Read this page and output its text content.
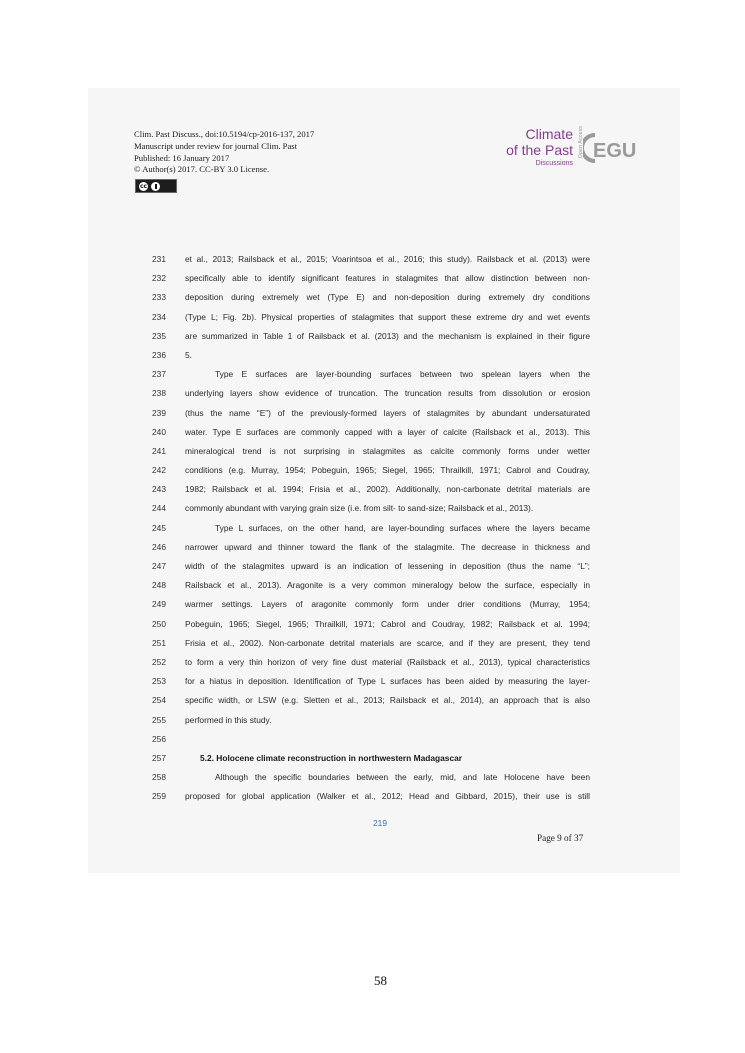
Clim. Past Discuss., doi:10.5194/cp-2016-137, 2017
Manuscript under review for journal Clim. Past
Published: 16 January 2017
© Author(s) 2017. CC-BY 3.0 License.
cc
Climate
of the Past
Discussions
Open Access EGU
231	et al., 2013; Railsback et al., 2015; Voarintsoa et al., 2016; this study). Railsback et al. (2013) were
232	specifically able to identify significant features in stalagmites that allow distinction between non-
233	deposition during extremely wet (Type E) and non-deposition during extremely dry conditions
234	(Type L; Fig. 2b). Physical properties of stalagmites that support these extreme dry and wet events
235	are summarized in Table 1 of Railsback et al. (2013) and the mechanism is explained in their figure
236	5.
237	Type E surfaces are layer-bounding surfaces between two spelean layers when the
238	underlying layers show evidence of truncation. The truncation results from dissolution or erosion
239	(thus the name “E”) of the previously-formed layers of stalagmites by abundant undersaturated
240	water. Type E surfaces are commonly capped with a layer of calcite (Railsback et al., 2013). This
241	mineralogical trend is not surprising in stalagmites as calcite commonly forms under wetter
242	conditions (e.g. Murray, 1954; Pobeguin, 1965; Siegel, 1965; Thrailkill, 1971; Cabrol and Coudray,
243	1982; Railsback et al. 1994; Frisia et al., 2002). Additionally, non-carbonate detrital materials are
244	commonly abundant with varying grain size (i.e. from silt- to sand-size; Railsback et al., 2013).
245	Type L surfaces, on the other hand, are layer-bounding surfaces where the layers became
246	narrower upward and thinner toward the flank of the stalagmite. The decrease in thickness and
247	width of the stalagmites upward is an indication of lessening in deposition (thus the name “L”;
248	Railsback et al., 2013). Aragonite is a very common mineralogy below the surface, especially in
249	warmer settings. Layers of aragonite commonly form under drier conditions (Murray, 1954;
250	Pobeguin, 1965; Siegel, 1965; Thrailkill, 1971; Cabrol and Coudray, 1982; Railsback et al. 1994;
251	Frisia et al., 2002). Non-carbonate detrital materials are scarce, and if they are present, they tend
252	to form a very thin horizon of very fine dust material (Railsback et al., 2013), typical characteristics
253	for a hiatus in deposition. Identification of Type L surfaces has been aided by measuring the layer-
254	specific width, or LSW (e.g. Sletten et al., 2013; Railsback et al., 2014), an approach that is also
255	performed in this study.
256
257	5.2. Holocene climate reconstruction in northwestern Madagascar
258	Although the specific boundaries between the early, mid, and late Holocene have been
259	proposed for global application (Walker et al., 2012; Head and Gibbard, 2015), their use is still
219
Page 9 of 37
58
